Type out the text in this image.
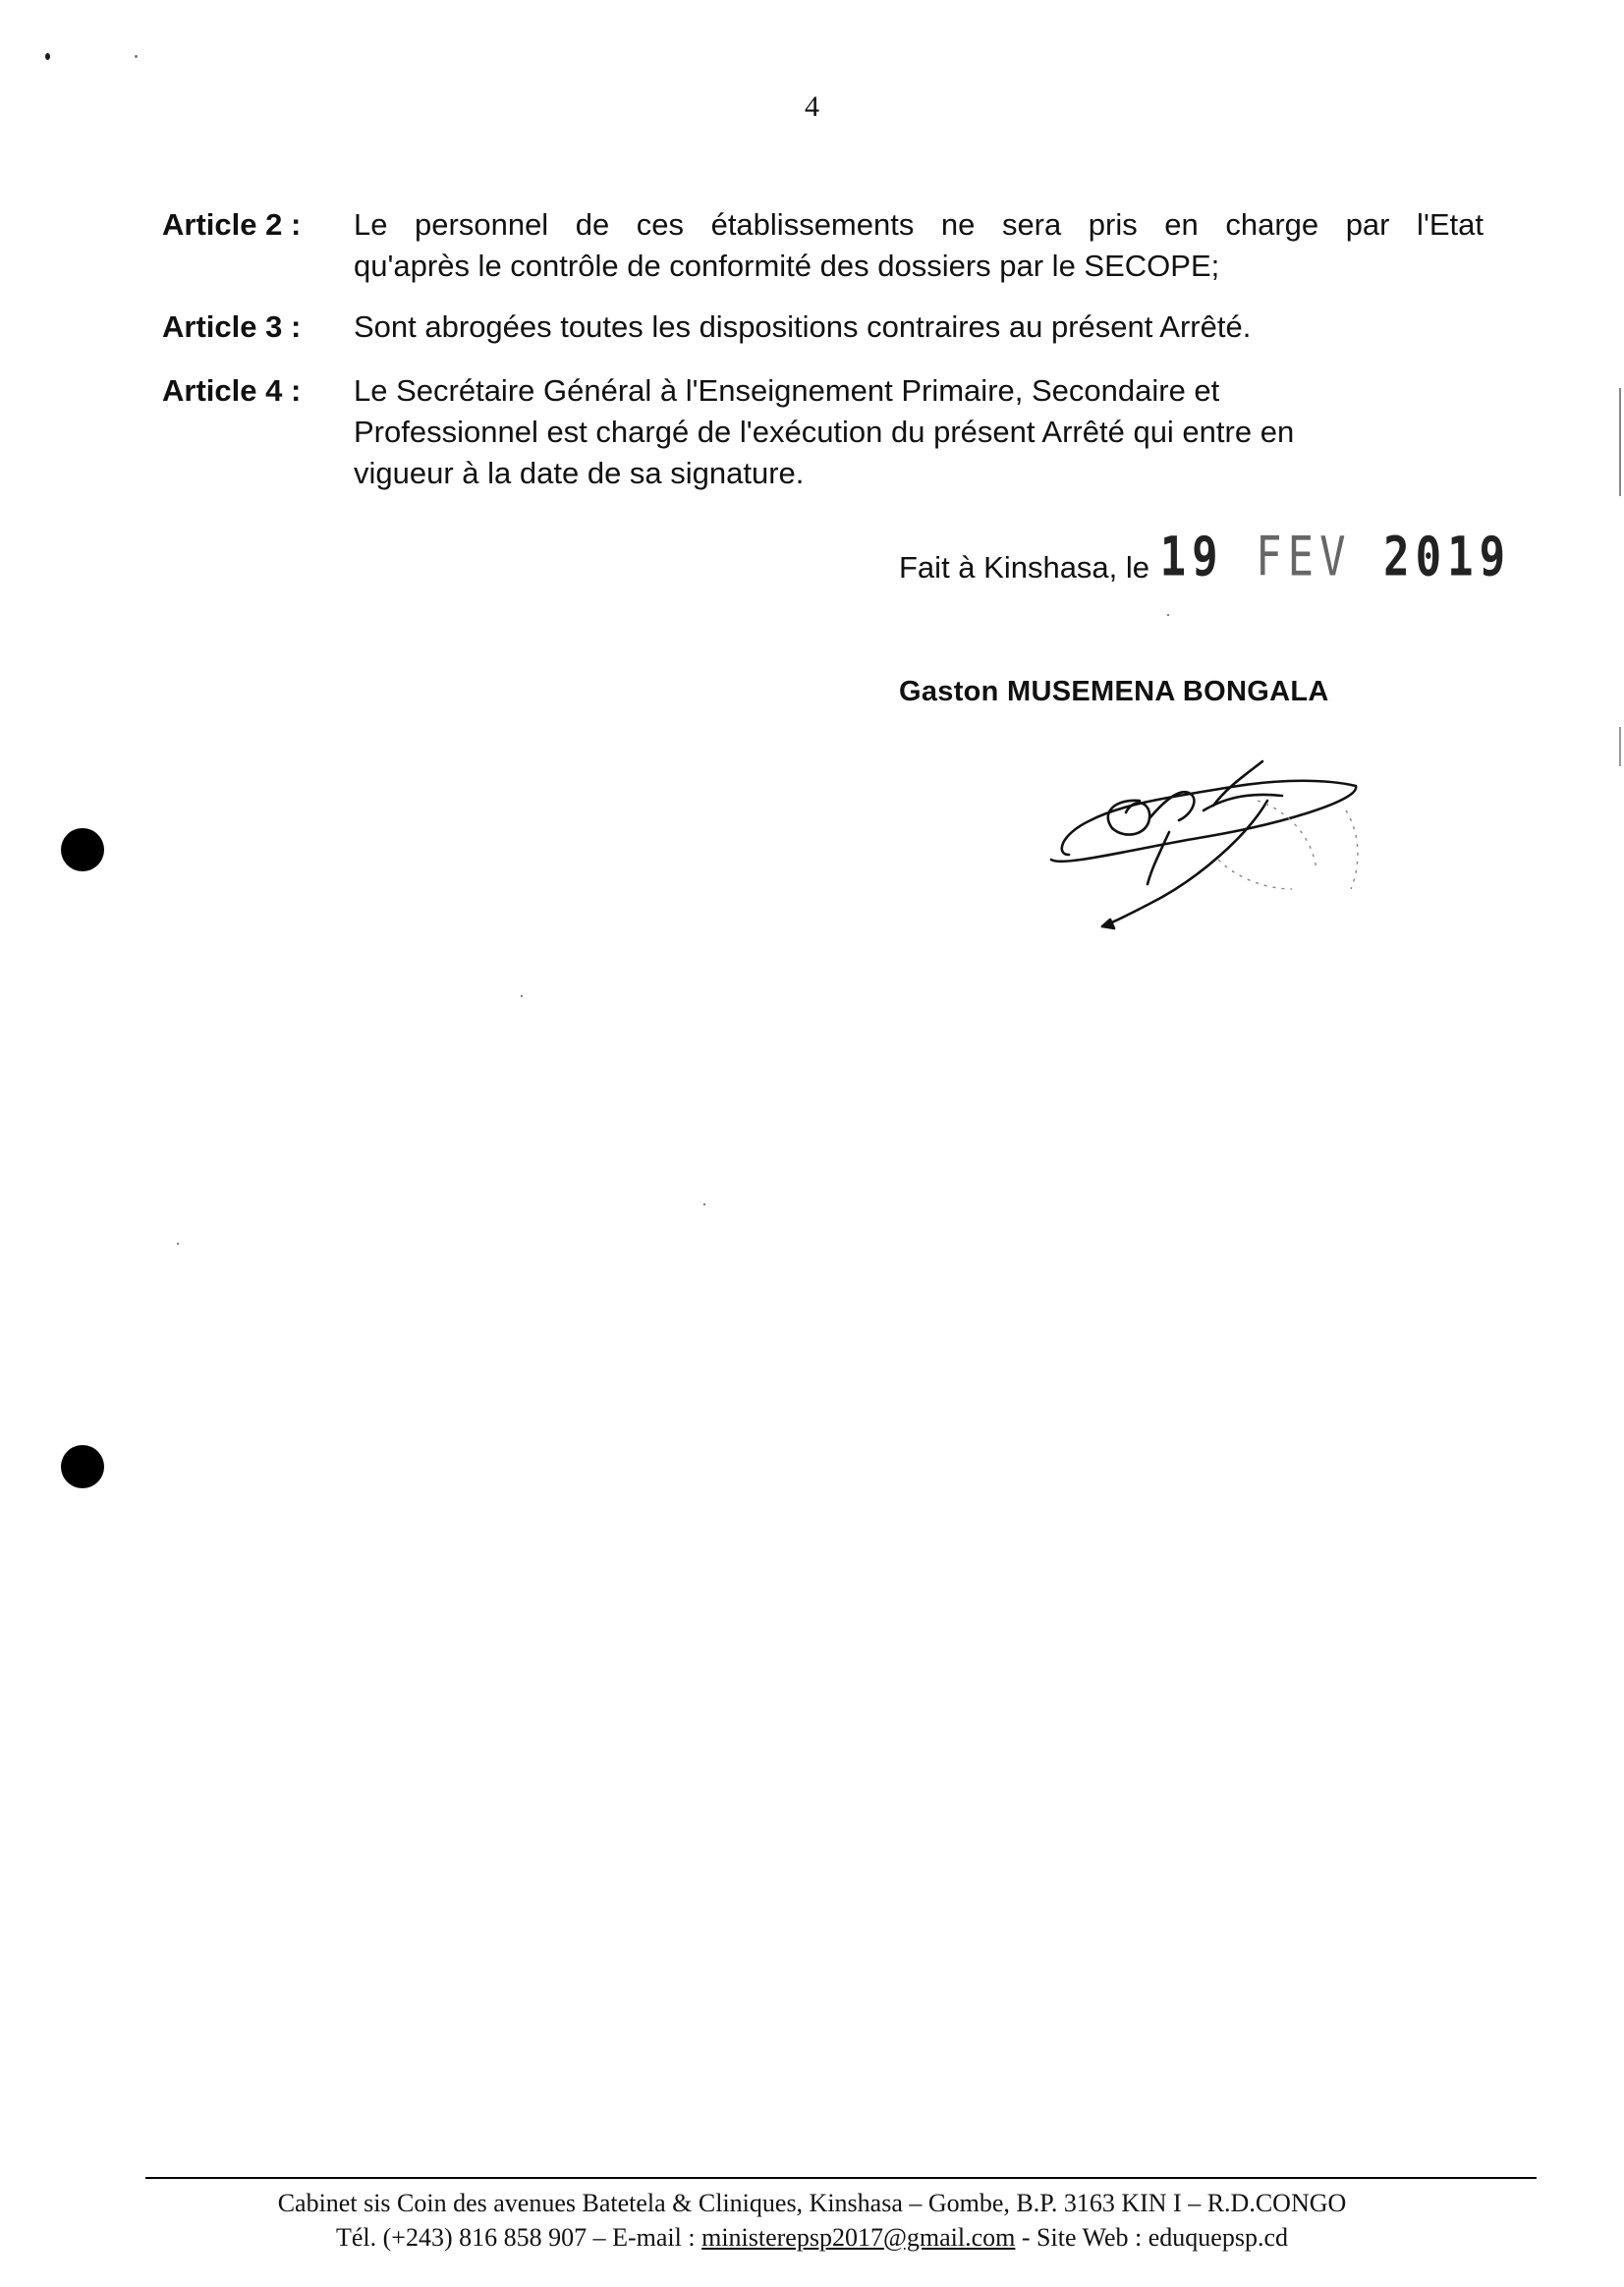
4
Article 2 :	Le personnel de ces établissements ne sera pris en charge par l'Etat
qu'après le contrôle de conformité des dossiers par le SECOPE;
Article 3 :	Sont abrogées toutes les dispositions contraires au présent Arrêté.
Article 4 :	Le Secrétaire Général à l'Enseignement Primaire, Secondaire et
Professionnel est chargé de l'exécution du présent Arrêté qui entre en
vigueur à la date de sa signature.
Fait à Kinshasa, le 19 FEV 2019
Gaston MUSEMENA BONGALA
Cabinet sis Coin des avenues Batetela & Cliniques, Kinshasa – Gombe, B.P. 3163 KIN I – R.D.CONGO
Tél. (+243) 816 858 907 – E-mail : ministerepsp2017@gmail.com - Site Web : eduquepsp.cd
